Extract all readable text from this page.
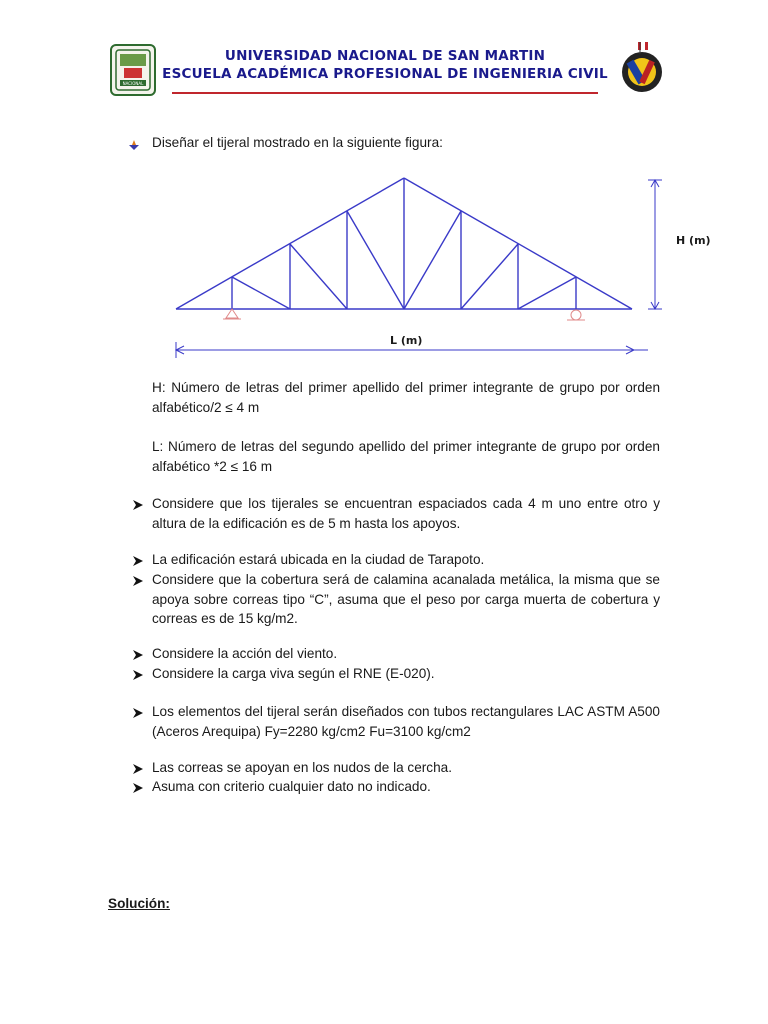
NACIONAL
UNIVERSIDAD NACIONAL DE SAN MARTIN
ESCUELA ACADÉMICA PROFESIONAL DE INGENIERIA CIVIL
Diseñar el tijeral mostrado en la siguiente figura:
H (m)
L (m)
H: Número de letras del primer apellido del primer integrante de grupo por orden alfabético/2 ≤ 4 m
L: Número de letras del segundo apellido del primer integrante de grupo por orden alfabético *2 ≤ 16 m
Considere que los tijerales se encuentran espaciados cada 4 m uno entre otro y altura de la edificación es de 5 m hasta los apoyos.
La edificación estará ubicada en la ciudad de Tarapoto.
Considere que la cobertura será de calamina acanalada metálica, la misma que se apoya sobre correas tipo “C”, asuma que el peso por carga muerta de cobertura y correas es de 15 kg/m2.
Considere la acción del viento.
Considere la carga viva según el RNE (E-020).
Los elementos del tijeral serán diseñados con tubos rectangulares LAC ASTM A500 (Aceros Arequipa) Fy=2280 kg/cm2 Fu=3100 kg/cm2
Las correas se apoyan en los nudos de la cercha.
Asuma con criterio cualquier dato no indicado.
Solución:
